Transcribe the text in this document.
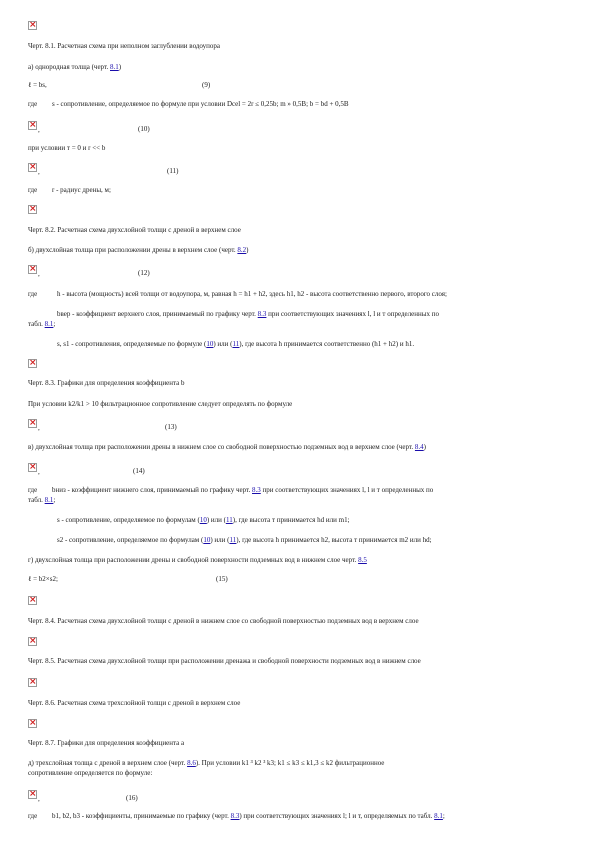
×
Черт. 8.1. Расчетная схема при неполном заглублении водоупора
а) однородная толща (черт. 8.1)
ℓ = bs,	(9)
где s - сопротивление, определяемое по формуле при условии Dcel = 2r ≤ 0,25b; m » 0,5B; b = bd + 0,5B
×
,	(10)
при условии т = 0 и r << b
×
,	(11)
где r - радиус дрены, м;
×
Черт. 8.2. Расчетная схема двухслойной толщи с дреной в верхнем слое
б) двухслойная толща при расположении дрены в верхнем слое (черт. 8.2)
×
,	(12)
где	h - высота (мощность) всей толщи от водоупора, м, равная h = h1 + h2, здесь h1, h2 - высота соответственно первого, второго слоя;
bвер - коэффициент верхнего слоя, принимаемый по графику черт. 8.3 при соответствующих значениях l, l и т определенных по
табл. 8.1;
s, s1 - сопротивления, определяемые по формуле (10) или (11), где высота h принимается соответственно (h1 + h2) и h1.
×
Черт. 8.3. Графики для определения коэффициента b
При условии k2/k1 > 10 фильтрационное сопротивление следует определять по формуле
×
,	(13)
в) двухслойная толща при расположении дрены в нижнем слое со свободной поверхностью подземных вод в верхнем слое (черт. 8.4)
×
,	(14)
где bниз - коэффициент нижнего слоя, принимаемый по графику черт. 8.3 при соответствующих значениях l, l и т определенных по
табл. 8.1;
s - сопротивление, определяемое по формулам (10) или (11), где высота т принимается hd или m1;
s2 - сопротивление, определяемое по формулам (10) или (11), где высота h принимается h2, высота т принимается m2 или hd;
г) двухслойная толща при расположении дрены и свободной поверхности подземных вод в нижнем слое черт. 8.5
ℓ = b2×s2;	(15)
×
Черт. 8.4. Расчетная схема двухслойной толщи с дреной в нижнем слое со свободной поверхностью подземных вод в верхнем слое
×
Черт. 8.5. Расчетная схема двухслойной толщи при расположении дренажа и свободной поверхности подземных вод в нижнем слое
×
Черт. 8.6. Расчетная схема трехслойной толщи с дреной в верхнем слое
×
Черт. 8.7. Графики для определения коэффициента a
д) трехслойная толща с дреной в верхнем слое (черт. 8.6). При условии k1 ³ k2 ³ k3; k1 ≤ k3 ≤ k1,3 ≤ k2 фильтрационное
сопротивление определяется по формуле:
×
,	(16)
где b1, b2, b3 - коэффициенты, принимаемые по графику (черт. 8.3) при соответствующих значениях l; l и т, определяемых по табл. 8.1;
